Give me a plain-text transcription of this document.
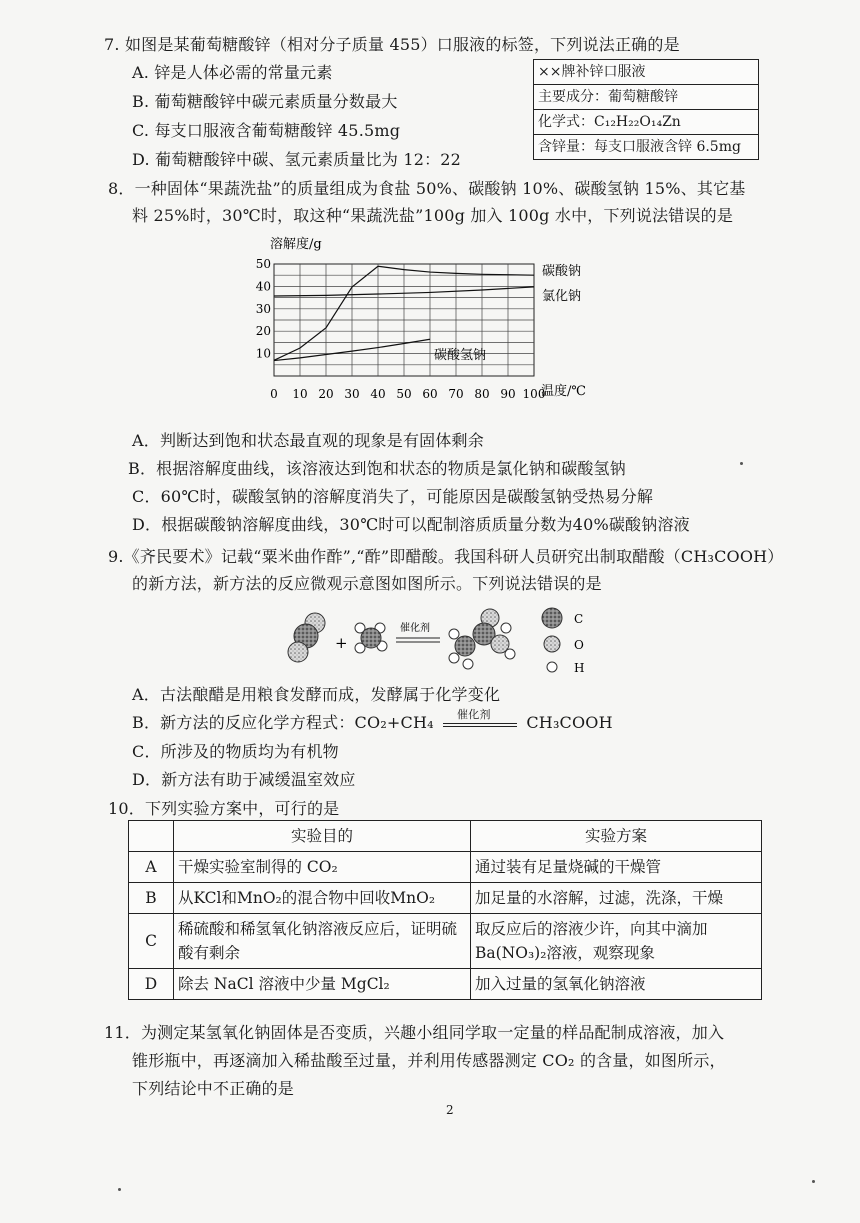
7. 如图是某葡萄糖酸锌（相对分子质量 455）口服液的标签，下列说法正确的是
A. 锌是人体必需的常量元素
B. 葡萄糖酸锌中碳元素质量分数最大
C. 每支口服液含葡萄糖酸锌 45.5mg
D. 葡萄糖酸锌中碳、氢元素质量比为 12：22
××牌补锌口服液
主要成分：葡萄糖酸锌
化学式：C₁₂H₂₂O₁₄Zn
含锌量：每支口服液含锌 6.5mg
8．一种固体“果蔬洗盐”的质量组成为食盐 50%、碳酸钠 10%、碳酸氢钠 15%、其它基
料 25%时，30℃时，取这种“果蔬洗盐”100g 加入 100g 水中，下列说法错误的是
0 10 20 30 40 50 60 70 80 90 100
10
20
30
40
50
溶解度/g
温度/℃
碳酸钠
氯化钠
碳酸氢钠
A．判断达到饱和状态最直观的现象是有固体剩余
B．根据溶解度曲线，该溶液达到饱和状态的物质是氯化钠和碳酸氢钠
C．60℃时，碳酸氢钠的溶解度消失了，可能原因是碳酸氢钠受热易分解
D．根据碳酸钠溶解度曲线，30℃时可以配制溶质质量分数为40%碳酸钠溶液
9.《齐民要术》记载“粟米曲作酢”,“酢”即醋酸。我国科研人员研究出制取醋酸（CH₃COOH）
的新方法，新方法的反应微观示意图如图所示。下列说法错误的是
+
催化剂
C
O
H
A．古法酿醋是用粮食发酵而成，发酵属于化学变化
B．新方法的反应化学方程式：CO₂+CH₄ 催化剂 CH₃COOH
C．所涉及的物质均为有机物
D．新方法有助于减缓温室效应
10．下列实验方案中，可行的是
	实验目的	实验方案
A	干燥实验室制得的 CO₂	通过装有足量烧碱的干燥管
B	从KCl和MnO₂的混合物中回收MnO₂	加足量的水溶解，过滤，洗涤，干燥
C	稀硫酸和稀氢氧化钠溶液反应后，证明硫酸有剩余	取反应后的溶液少许，向其中滴加Ba(NO₃)₂溶液，观察现象
D	除去 NaCl 溶液中少量 MgCl₂	加入过量的氢氧化钠溶液
11．为测定某氢氧化钠固体是否变质，兴趣小组同学取一定量的样品配制成溶液，加入
锥形瓶中，再逐滴加入稀盐酸至过量，并利用传感器测定 CO₂ 的含量，如图所示，
下列结论中不正确的是
2
